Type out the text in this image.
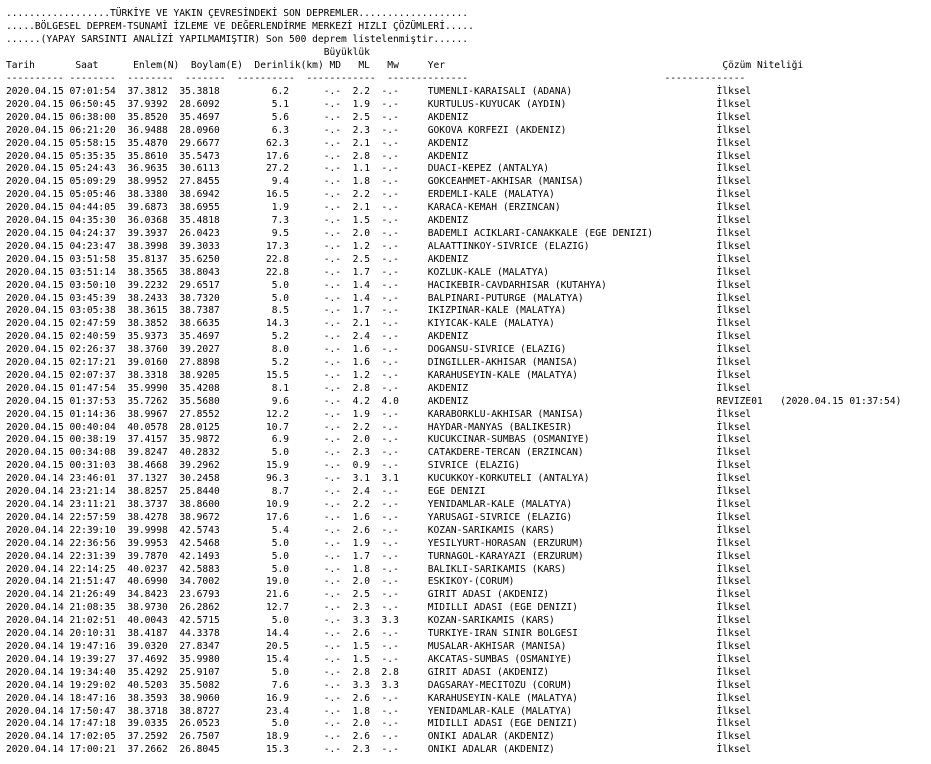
..................TÜRKİYE VE YAKIN ÇEVRESİNDEKİ SON DEPREMLER...................
.....BÖLGESEL DEPREM-TSUNAMİ İZLEME VE DEĞERLENDİRME MERKEZİ HIZLI ÇÖZÜMLERİ.....
......(YAPAY SARSINTI ANALİZİ YAPILMAMIŞTIR) Son 500 deprem listelenmiştir......
Büyüklük
Tarih	Saat	Enlem(N) Boylam(E) Derinlik(km) MD ML Mw	Yer	Çözüm Niteliği
---------- --------  --------  -------  ----------  ------------  --------------                                  --------------
2020.04.15 07:01:54 37.3812 35.3818         6.2	-.- 2.2 -.-	TUMENLI-KARAISALI (ADANA)                         İlksel
2020.04.15 06:50:45 37.9392 28.6092         5.1	-.- 1.9 -.-	KURTULUS-KUYUCAK (AYDIN)                          İlksel
2020.04.15 06:38:00 35.8520 35.4697         5.6	-.- 2.5 -.-	AKDENIZ                                           İlksel
2020.04.15 06:21:20 36.9488 28.0960         6.3	-.- 2.3 -.-	GOKOVA KORFEZI (AKDENIZ)                          İlksel
2020.04.15 05:58:15 35.4870 29.6677        62.3	-.- 2.1 -.-	AKDENIZ                                           İlksel
2020.04.15 05:35:35 35.8610 35.5473        17.6	-.- 2.8 -.-	AKDENIZ                                           İlksel
2020.04.15 05:24:43 36.9635 30.6113        27.2	-.- 1.1 -.-	DUACI-KEPEZ (ANTALYA)                             İlksel
2020.04.15 05:09:29 38.9952 27.8455         9.4	-.- 1.8 -.-	GOKCEAHMET-AKHISAR (MANISA)                       İlksel
2020.04.15 05:05:46 38.3380 38.6942        16.5	-.- 2.2 -.-	ERDEMLI-KALE (MALATYA)                            İlksel
2020.04.15 04:44:05 39.6873 38.6955         1.9	-.- 2.1 -.-	KARACA-KEMAH (ERZINCAN)                           İlksel
2020.04.15 04:35:30 36.0368 35.4818         7.3	-.- 1.5 -.-	AKDENIZ                                           İlksel
2020.04.15 04:24:37 39.3937 26.0423         9.5	-.- 2.0 -.-	BADEMLI ACIKLARI-CANAKKALE (EGE DENIZI)           İlksel
2020.04.15 04:23:47 38.3998 39.3033        17.3	-.- 1.2 -.-	ALAATTINKOY-SIVRICE (ELAZIG)                      İlksel
2020.04.15 03:51:58 35.8137 35.6250        22.8	-.- 2.5 -.-	AKDENIZ                                           İlksel
2020.04.15 03:51:14 38.3565 38.8043        22.8	-.- 1.7 -.-	KOZLUK-KALE (MALATYA)                             İlksel
2020.04.15 03:50:10 39.2232 29.6517         5.0	-.- 1.4 -.-	HACIKEBIR-CAVDARHISAR (KUTAHYA)                   İlksel
2020.04.15 03:45:39 38.2433 38.7320         5.0	-.- 1.4 -.-	BALPINARI-PUTURGE (MALATYA)                       İlksel
2020.04.15 03:05:38 38.3615 38.7387         8.5	-.- 1.7 -.-	IKIZPINAR-KALE (MALATYA)                          İlksel
2020.04.15 02:47:59 38.3852 38.6635        14.3	-.- 2.1 -.-	KIYICAK-KALE (MALATYA)                            İlksel
2020.04.15 02:40:59 35.9373 35.4697         5.2	-.- 2.4 -.-	AKDENIZ                                           İlksel
2020.04.15 02:26:37 38.3760 39.2027         8.0	-.- 1.6 -.-	DOGANSU-SIVRICE (ELAZIG)                          İlksel
2020.04.15 02:17:21 39.0160 27.8898         5.2	-.- 1.6 -.-	DINGILLER-AKHISAR (MANISA)                        İlksel
2020.04.15 02:07:37 38.3318 38.9205        15.5	-.- 1.2 -.-	KARAHUSEYIN-KALE (MALATYA)                        İlksel
2020.04.15 01:47:54 35.9990 35.4208         8.1	-.- 2.8 -.-	AKDENIZ                                           İlksel
2020.04.15 01:37:53 35.7262 35.5680         9.6	-.- 4.2 4.0	AKDENIZ                                           REVIZE01   (2020.04.15 01:37:54)
2020.04.15 01:14:36 38.9967 27.8552        12.2	-.- 1.9 -.-	KARABORKLU-AKHISAR (MANISA)                       İlksel
2020.04.15 00:40:04 40.0578 28.0125        10.7	-.- 2.2 -.-	HAYDAR-MANYAS (BALIKESIR)                         İlksel
2020.04.15 00:38:19 37.4157 35.9872         6.9	-.- 2.0 -.-	KUCUKCINAR-SUMBAS (OSMANIYE)                      İlksel
2020.04.15 00:34:08 39.8247 40.2832         5.0	-.- 2.3 -.-	CATAKDERE-TERCAN (ERZINCAN)                       İlksel
2020.04.15 00:31:03 38.4668 39.2962        15.9	-.- 0.9 -.-	SIVRICE (ELAZIG)                                  İlksel
2020.04.14 23:46:01 37.1327 30.2458        96.3	-.- 3.1 3.1	KUCUKKOY-KORKUTELI (ANTALYA)                      İlksel
2020.04.14 23:21:14 38.8257 25.8440         8.7	-.- 2.4 -.-	EGE DENIZI                                        İlksel
2020.04.14 23:11:21 38.3737 38.8600        10.9	-.- 2.2 -.-	YENIDAMLAR-KALE (MALATYA)                         İlksel
2020.04.14 22:57:59 38.4278 38.9672        17.6	-.- 1.6 -.-	YARUSAGI-SIVRICE (ELAZIG)                         İlksel
2020.04.14 22:39:10 39.9998 42.5743         5.4	-.- 2.6 -.-	KOZAN-SARIKAMIS (KARS)                            İlksel
2020.04.14 22:36:56 39.9953 42.5468         5.0	-.- 1.9 -.-	YESILYURT-HORASAN (ERZURUM)                       İlksel
2020.04.14 22:31:39 39.7870 42.1493         5.0	-.- 1.7 -.-	TURNAGOL-KARAYAZI (ERZURUM)                       İlksel
2020.04.14 22:14:25 40.0237 42.5883         5.0	-.- 1.8 -.-	BALIKLI-SARIKAMIS (KARS)                          İlksel
2020.04.14 21:51:47 40.6990 34.7002        19.0	-.- 2.0 -.-	ESKIKOY-(CORUM)                                   İlksel
2020.04.14 21:26:49 34.8423 23.6793        21.6	-.- 2.5 -.-	GIRIT ADASI (AKDENIZ)                             İlksel
2020.04.14 21:08:35 38.9730 26.2862        12.7	-.- 2.3 -.-	MIDILLI ADASI (EGE DENIZI)                        İlksel
2020.04.14 21:02:51 40.0043 42.5715         5.0	-.- 3.3 3.3	KOZAN-SARIKAMIS (KARS)                            İlksel
2020.04.14 20:10:31 38.4187 44.3378        14.4	-.- 2.6 -.-	TURKIYE-IRAN SINIR BOLGESI                        İlksel
2020.04.14 19:47:16 39.0320 27.8347        20.5	-.- 1.5 -.-	MUSALAR-AKHISAR (MANISA)                          İlksel
2020.04.14 19:39:27 37.4692 35.9980        15.4	-.- 1.5 -.-	AKCATAS-SUMBAS (OSMANIYE)                         İlksel
2020.04.14 19:34:40 35.4292 25.9107         5.0	-.- 2.8 2.8	GIRIT ADASI (AKDENIZ)                             İlksel
2020.04.14 19:29:02 40.5203 35.5082         7.6	-.- 3.3 3.3	DAGSARAY-MECITOZU (CORUM)                         İlksel
2020.04.14 18:47:16 38.3593 38.9060        16.9	-.- 2.6 -.-	KARAHUSEYIN-KALE (MALATYA)                        İlksel
2020.04.14 17:50:47 38.3718 38.8727        23.4	-.- 1.8 -.-	YENIDAMLAR-KALE (MALATYA)                         İlksel
2020.04.14 17:47:18 39.0335 26.0523         5.0	-.- 2.0 -.-	MIDILLI ADASI (EGE DENIZI)                        İlksel
2020.04.14 17:02:05 37.2592 26.7507        18.9	-.- 2.6 -.-	ONIKI ADALAR (AKDENIZ)                            İlksel
2020.04.14 17:00:21 37.2662 26.8045        15.3	-.- 2.3 -.-	ONIKI ADALAR (AKDENIZ)                            İlksel
